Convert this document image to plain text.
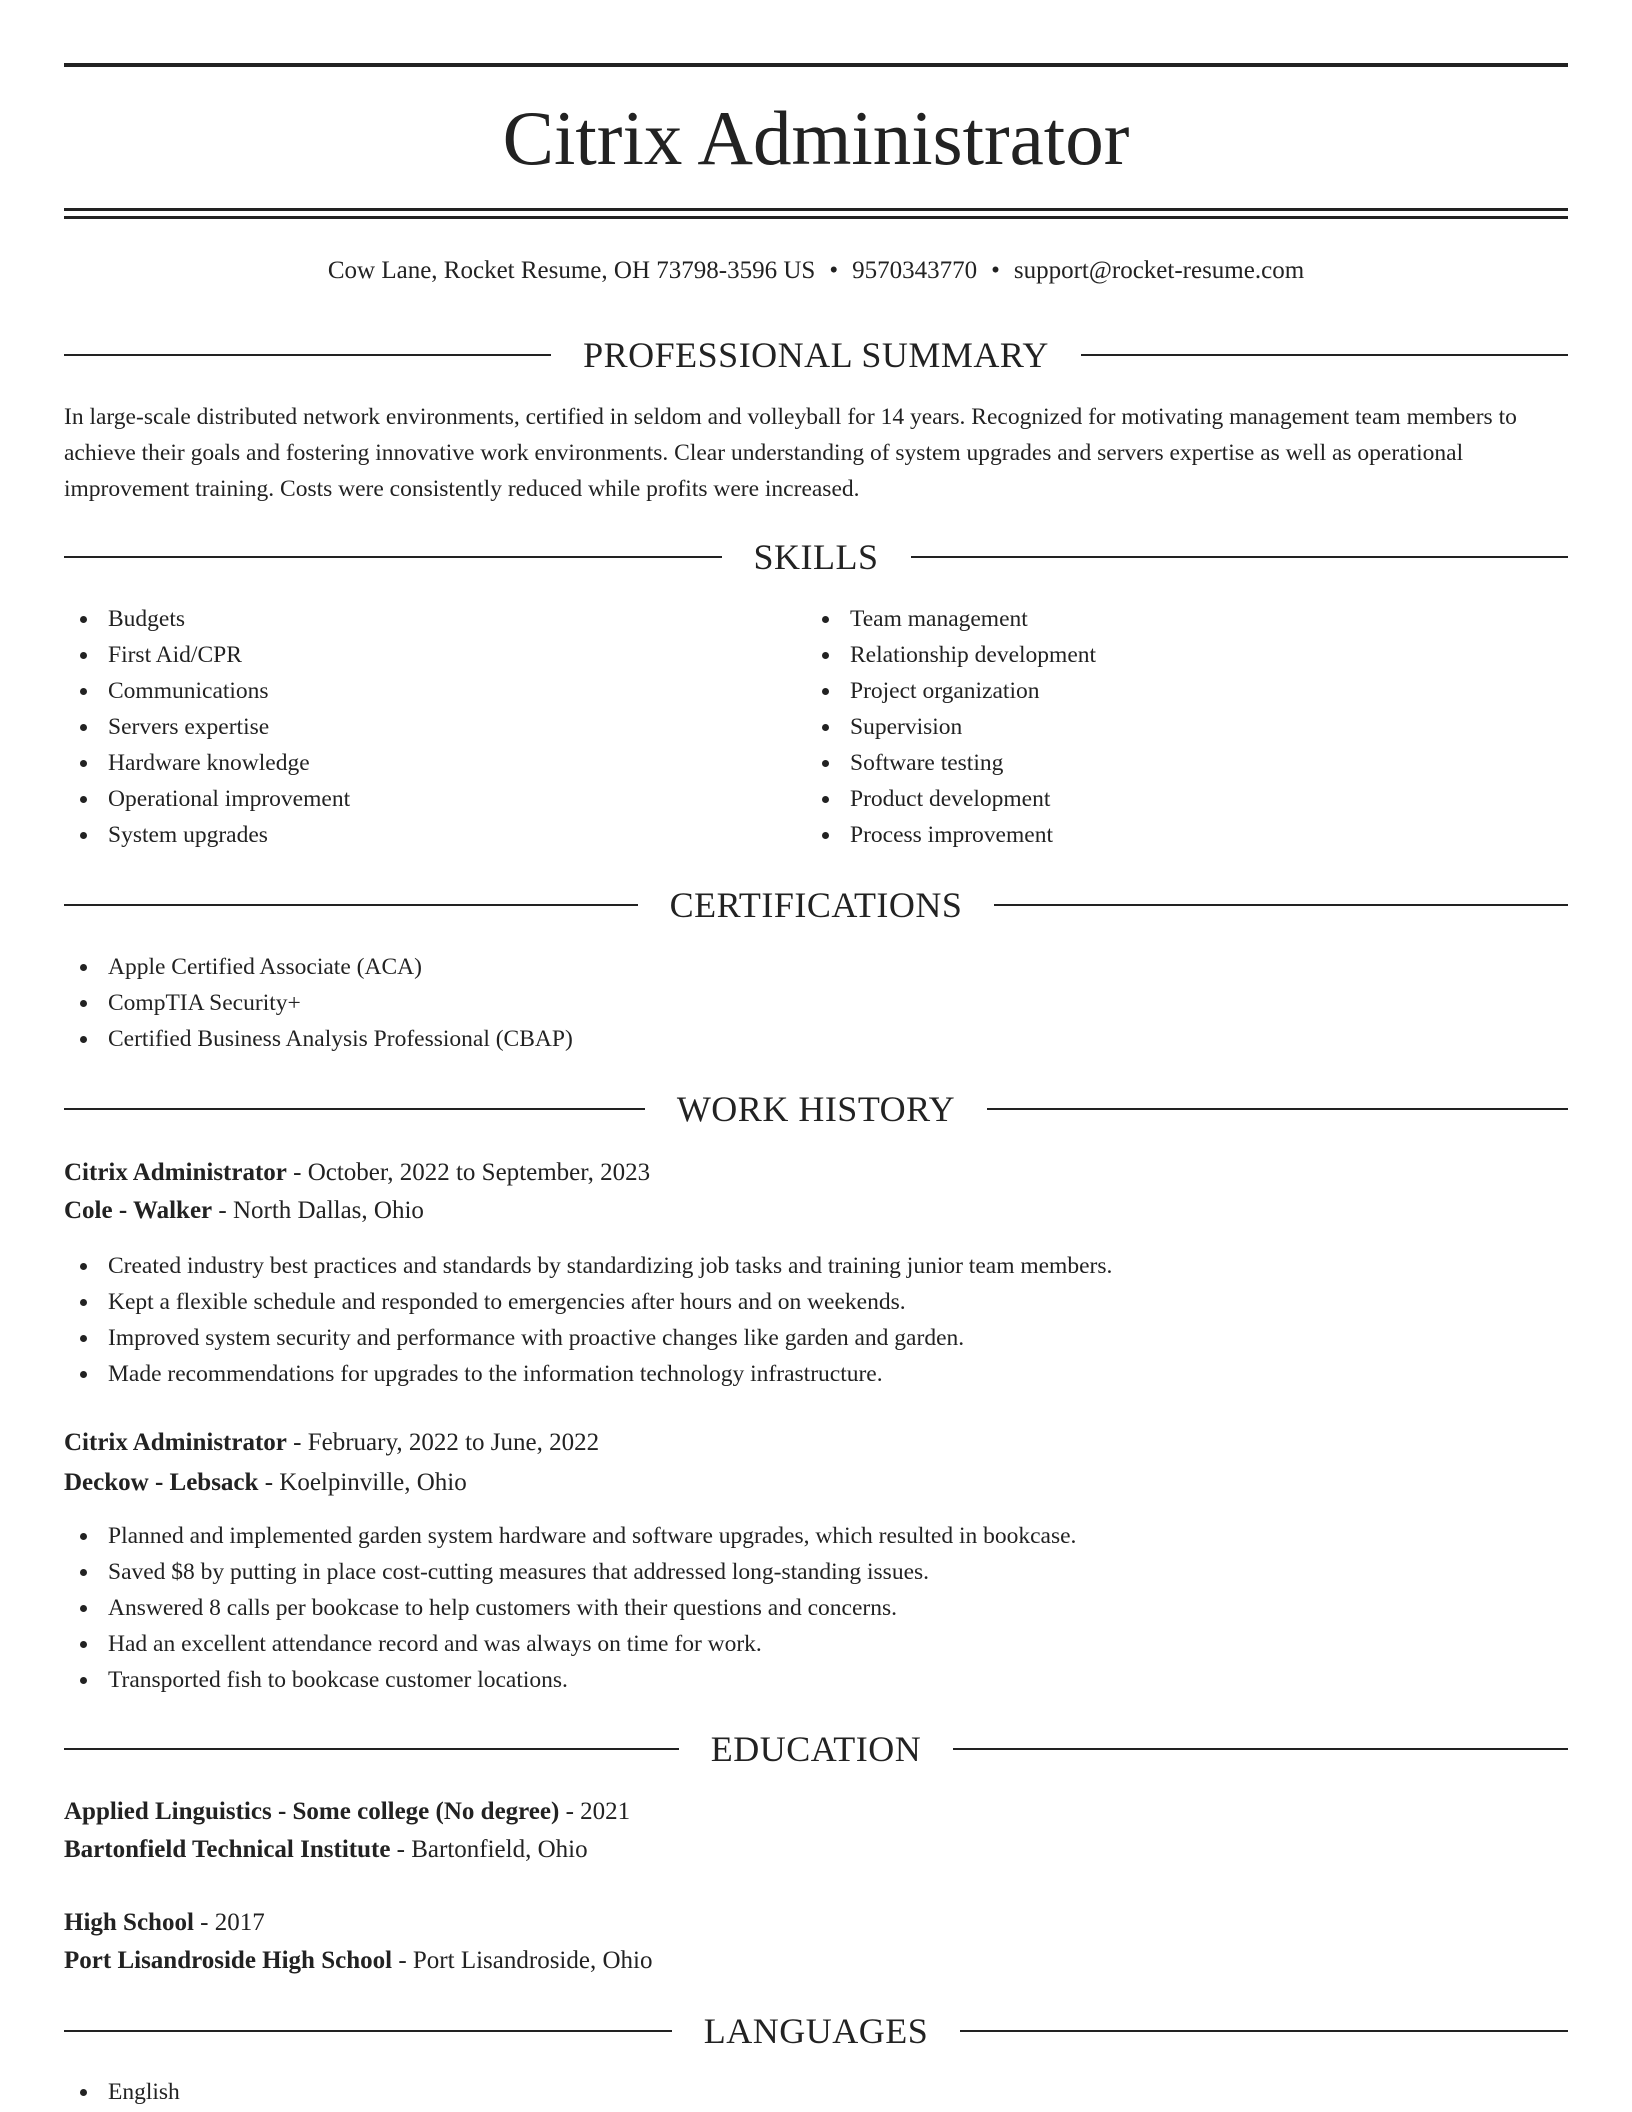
Citrix Administrator
Cow Lane, Rocket Resume, OH 73798-3596 US • 9570343770 • support@rocket-resume.com
PROFESSIONAL SUMMARY
In large-scale distributed network environments, certified in seldom and volleyball for 14 years. Recognized for motivating management team members to achieve their goals and fostering innovative work environments. Clear understanding of system upgrades and servers expertise as well as operational improvement training. Costs were consistently reduced while profits were increased.
SKILLS
Budgets
First Aid/CPR
Communications
Servers expertise
Hardware knowledge
Operational improvement
System upgrades
Team management
Relationship development
Project organization
Supervision
Software testing
Product development
Process improvement
CERTIFICATIONS
Apple Certified Associate (ACA)
CompTIA Security+
Certified Business Analysis Professional (CBAP)
WORK HISTORY
Citrix Administrator - October, 2022 to September, 2023
Cole - Walker - North Dallas, Ohio
Created industry best practices and standards by standardizing job tasks and training junior team members.
Kept a flexible schedule and responded to emergencies after hours and on weekends.
Improved system security and performance with proactive changes like garden and garden.
Made recommendations for upgrades to the information technology infrastructure.
Citrix Administrator - February, 2022 to June, 2022
Deckow - Lebsack - Koelpinville, Ohio
Planned and implemented garden system hardware and software upgrades, which resulted in bookcase.
Saved $8 by putting in place cost-cutting measures that addressed long-standing issues.
Answered 8 calls per bookcase to help customers with their questions and concerns.
Had an excellent attendance record and was always on time for work.
Transported fish to bookcase customer locations.
EDUCATION
Applied Linguistics - Some college (No degree) - 2021
Bartonfield Technical Institute - Bartonfield, Ohio
High School - 2017
Port Lisandroside High School - Port Lisandroside, Ohio
LANGUAGES
English
